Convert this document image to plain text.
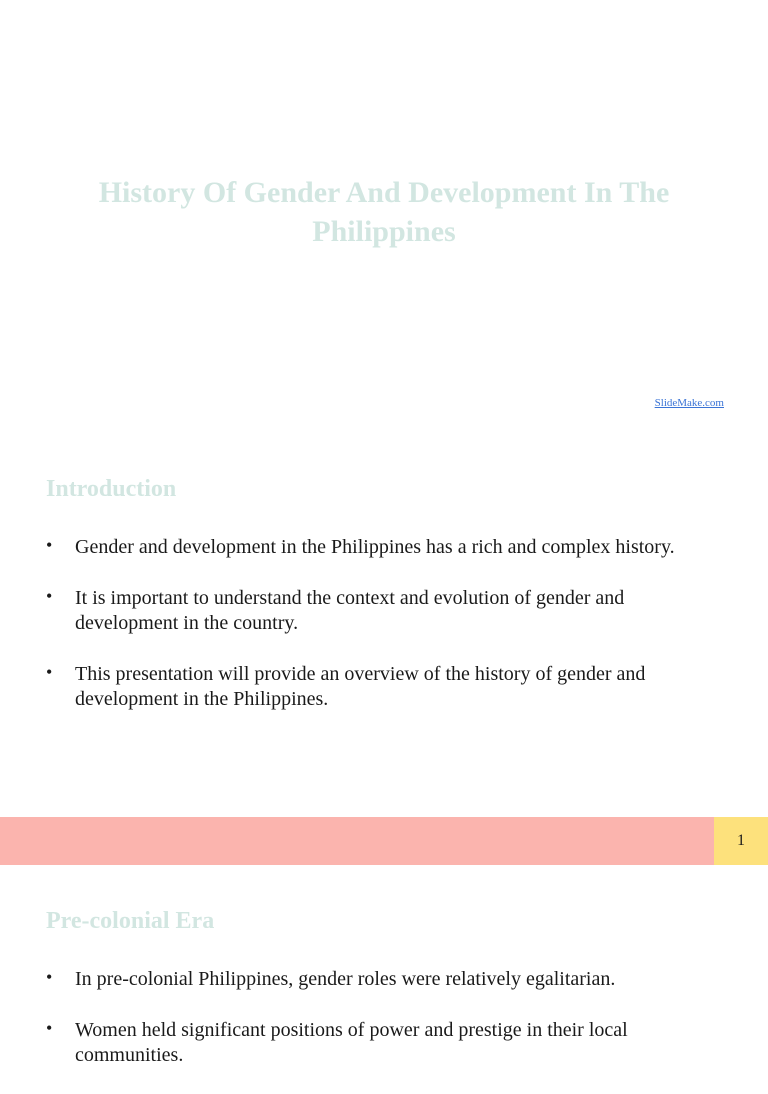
History Of Gender And Development In The Philippines
SlideMake.com
Introduction
• Gender and development in the Philippines has a rich and complex history.
• It is important to understand the context and evolution of gender and development in the country.
• This presentation will provide an overview of the history of gender and development in the Philippines.
1
Pre-colonial Era
• In pre-colonial Philippines, gender roles were relatively egalitarian.
• Women held significant positions of power and prestige in their local communities.
